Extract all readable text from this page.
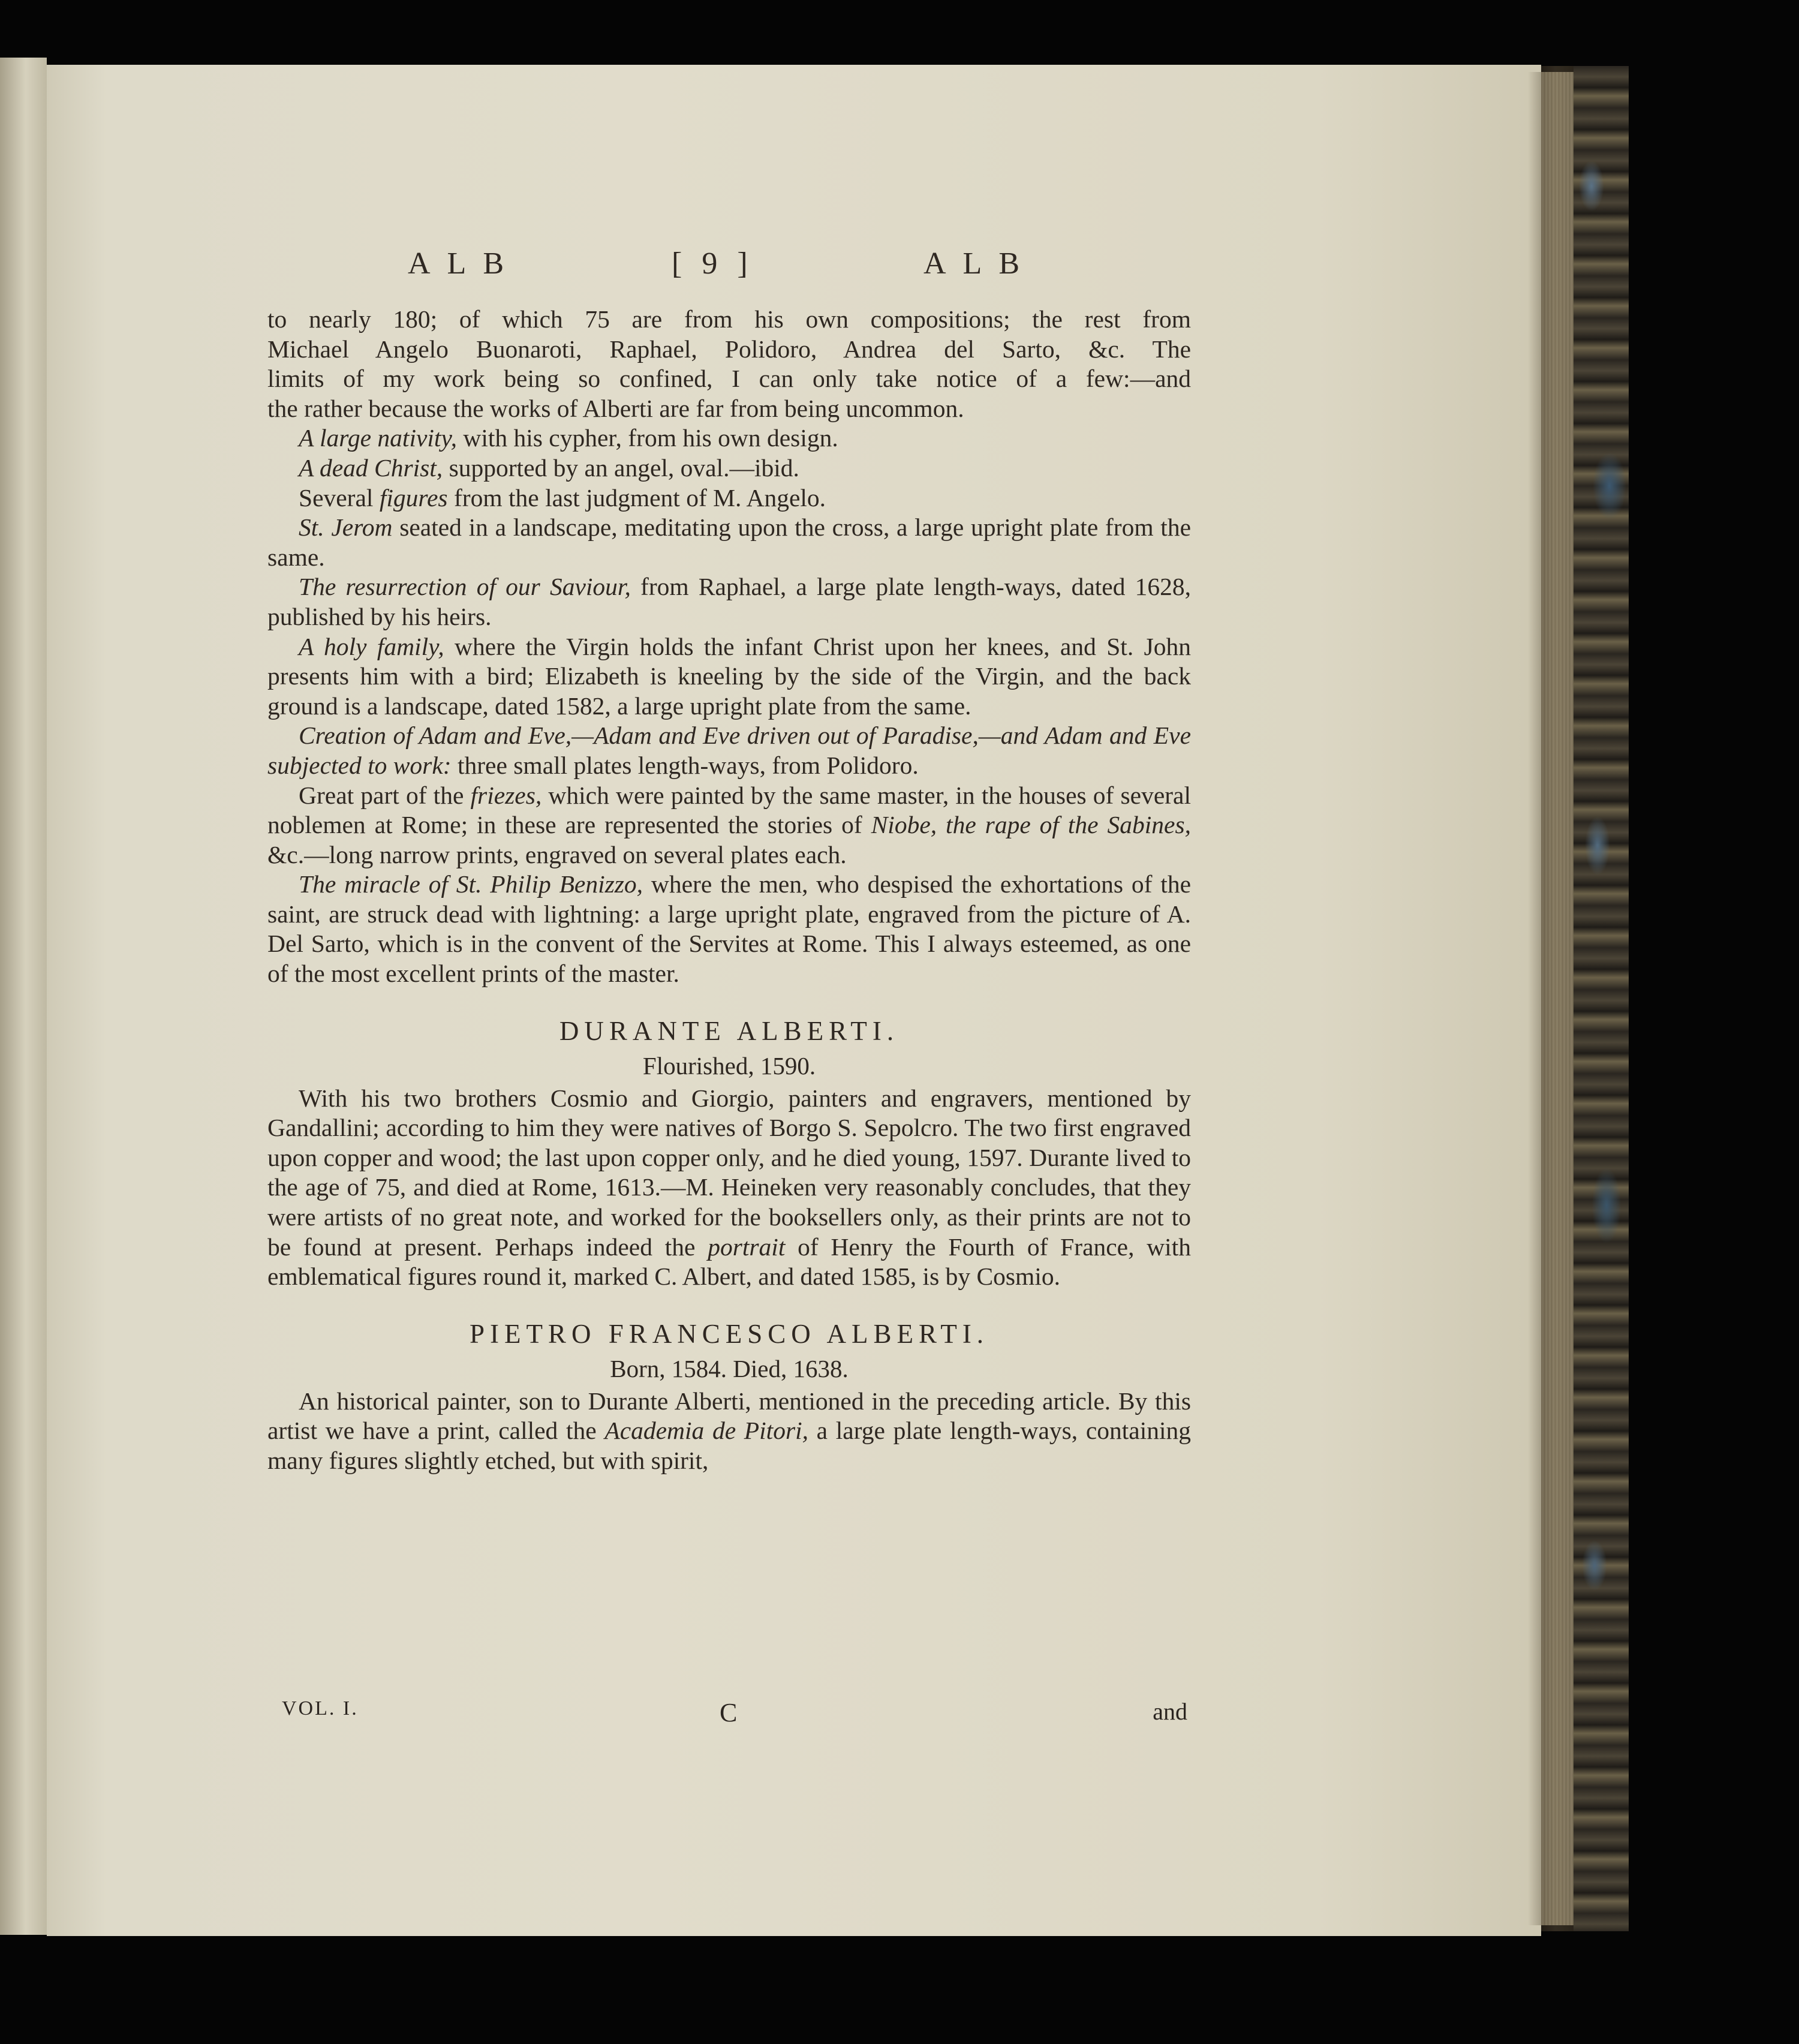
ALB	[ 9 ]	ALB

to nearly 180; of which 75 are from his own compositions; the rest from
Michael Angelo Buonaroti, Raphael, Polidoro, Andrea del Sarto, &c. The
limits of my work being so confined, I can only take notice of a few:—and
the rather because the works of Alberti are far from being uncommon.

A large nativity, with his cypher, from his own design.

A dead Christ, supported by an angel, oval.—ibid.

Several figures from the last judgment of M. Angelo.

St. Jerom seated in a landscape, meditating upon the cross, a large upright plate from the same.

The resurrection of our Saviour, from Raphael, a large plate length-ways, dated 1628, published by his heirs.

A holy family, where the Virgin holds the infant Christ upon her knees, and St. John presents him with a bird; Elizabeth is kneeling by the side of the Virgin, and the back ground is a landscape, dated 1582, a large upright plate from the same.

Creation of Adam and Eve,—Adam and Eve driven out of Paradise,—and Adam and Eve subjected to work: three small plates length-ways, from Polidoro.

Great part of the friezes, which were painted by the same master, in the houses of several noblemen at Rome; in these are represented the stories of Niobe, the rape of the Sabines, &c.—long narrow prints, engraved on several plates each.

The miracle of St. Philip Benizzo, where the men, who despised the exhortations of the saint, are struck dead with lightning: a large upright plate, engraved from the picture of A. Del Sarto, which is in the convent of the Servites at Rome. This I always esteemed, as one of the most excellent prints of the master.

DURANTE ALBERTI.
Flourished, 1590.

With his two brothers Cosmio and Giorgio, painters and engravers, mentioned by Gandallini; according to him they were natives of Borgo S. Sepolcro. The two first engraved upon copper and wood; the last upon copper only, and he died young, 1597. Durante lived to the age of 75, and died at Rome, 1613.—M. Heineken very reasonably concludes, that they were artists of no great note, and worked for the booksellers only, as their prints are not to be found at present. Perhaps indeed the portrait of Henry the Fourth of France, with emblematical figures round it, marked C. Albert, and dated 1585, is by Cosmio.

PIETRO FRANCESCO ALBERTI.
Born, 1584. Died, 1638.

An historical painter, son to Durante Alberti, mentioned in the preceding article. By this artist we have a print, called the Academia de Pitori, a large plate length-ways, containing many figures slightly etched, but with spirit,

VOL. I.	C	and
